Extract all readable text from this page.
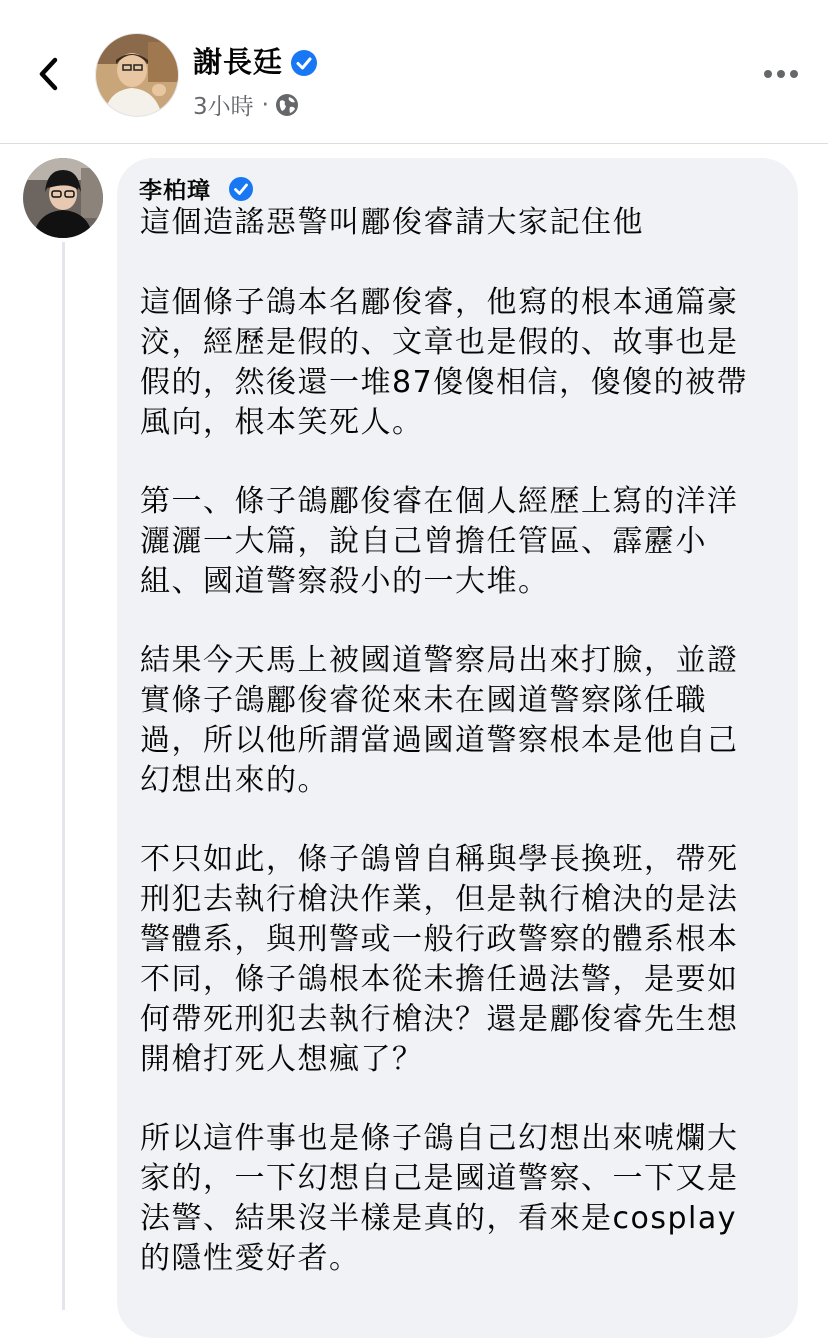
謝長廷
3小時 ·
李柏璋
這個造謠惡警叫酈俊睿請大家記住他
這個條子鴿本名酈俊睿，他寫的根本通篇豪
洨，經歷是假的、文章也是假的、故事也是
假的，然後還一堆87傻傻相信，傻傻的被帶
風向，根本笑死人。
第一、條子鴿酈俊睿在個人經歷上寫的洋洋
灑灑一大篇，說自己曾擔任管區、霹靂小
組、國道警察殺小的一大堆。
結果今天馬上被國道警察局出來打臉，並證
實條子鴿酈俊睿從來未在國道警察隊任職
過，所以他所謂當過國道警察根本是他自己
幻想出來的。
不只如此，條子鴿曾自稱與學長換班，帶死
刑犯去執行槍決作業，但是執行槍決的是法
警體系，與刑警或一般行政警察的體系根本
不同，條子鴿根本從未擔任過法警，是要如
何帶死刑犯去執行槍決？還是酈俊睿先生想
開槍打死人想瘋了？
所以這件事也是條子鴿自己幻想出來唬爛大
家的，一下幻想自己是國道警察、一下又是
法警、結果沒半樣是真的，看來是cosplay
的隱性愛好者。
